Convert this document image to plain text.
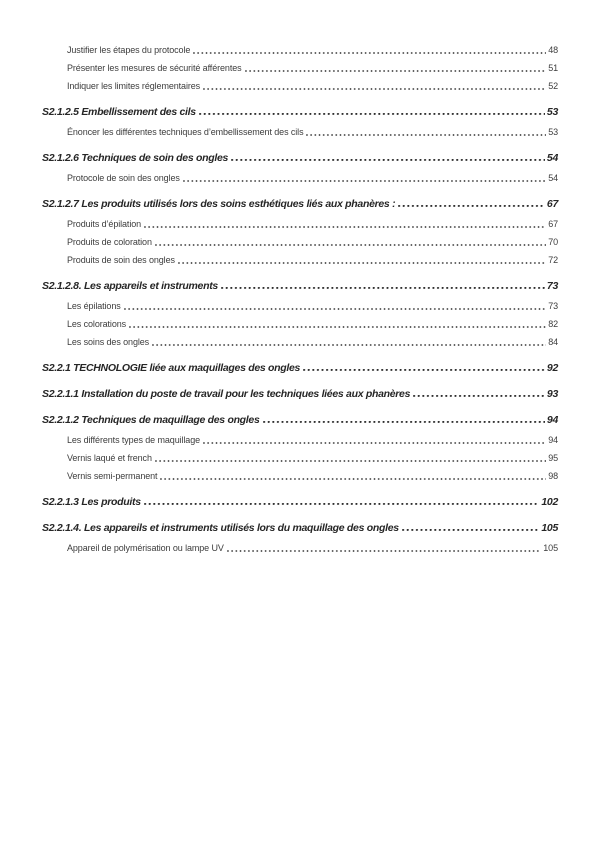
Justifier les étapes du protocole	48
Présenter les mesures de sécurité afférentes	51
Indiquer les limites réglementaires	52
S2.1.2.5 Embellissement des cils	53
Énoncer les différentes techniques d’embellissement des cils	53
S2.1.2.6 Techniques de soin des ongles	54
Protocole de soin des ongles	54
S2.1.2.7 Les produits utilisés lors des soins esthétiques liés aux phanères :	67
Produits d’épilation	67
Produits de coloration	70
Produits de soin des ongles	72
S2.1.2.8. Les appareils et instruments	73
Les épilations	73
Les colorations	82
Les soins des ongles	84
S2.2.1 TECHNOLOGIE liée aux maquillages des ongles	92
S2.2.1.1 Installation du poste de travail pour les techniques liées aux phanères	93
S2.2.1.2 Techniques de maquillage des ongles	94
Les différents types de maquillage	94
Vernis laqué et french	95
Vernis semi-permanent	98
S2.2.1.3 Les produits	102
S2.2.1.4. Les appareils et instruments utilisés lors du maquillage des ongles	105
Appareil de polymérisation ou lampe UV	105
